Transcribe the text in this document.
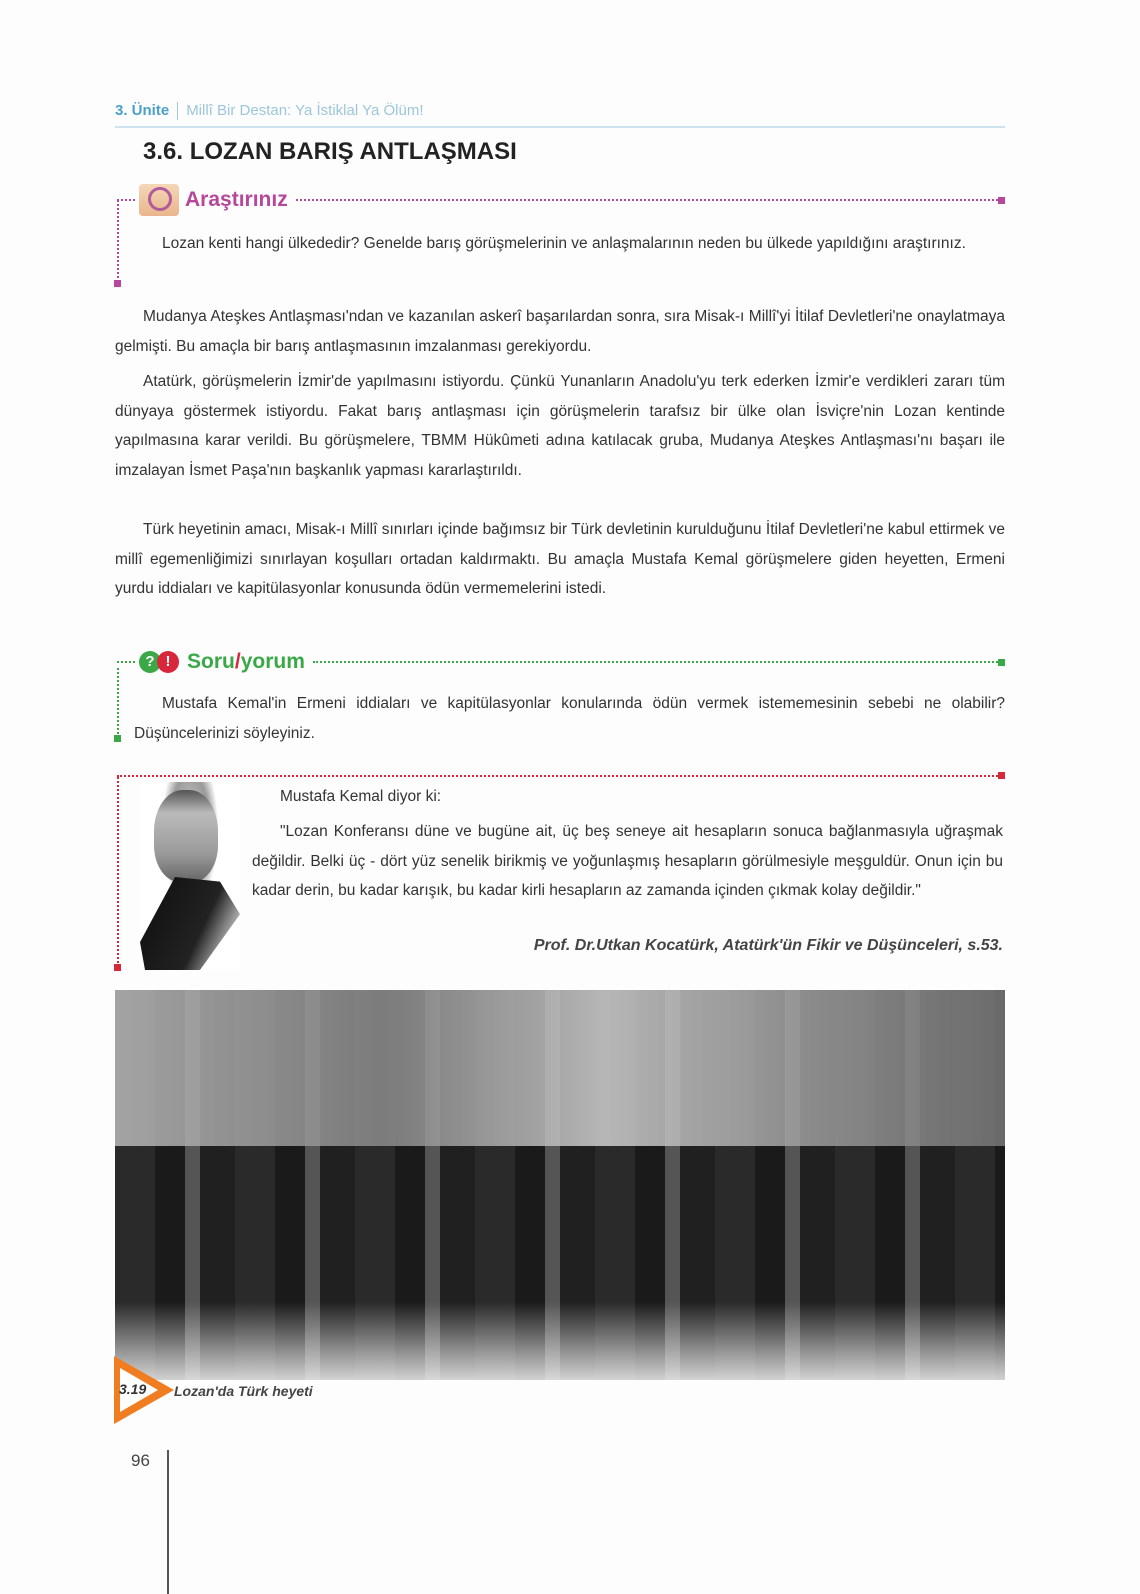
3. Ünite Millî Bir Destan: Ya İstiklal Ya Ölüm!
3.6. LOZAN BARIŞ ANTLAŞMASI
Araştırınız

Lozan kenti hangi ülkededir? Genelde barış görüşmelerinin ve anlaşmalarının neden bu ülkede yapıldığını araştırınız.

Mudanya Ateşkes Antlaşması'ndan ve kazanılan askerî başarılardan sonra, sıra Misak-ı Millî'yi İtilaf Devletleri'ne onaylatmaya gelmişti. Bu amaçla bir barış antlaşmasının imzalanması gerekiyordu.

Atatürk, görüşmelerin İzmir'de yapılmasını istiyordu. Çünkü Yunanların Anadolu'yu terk ederken İzmir'e verdikleri zararı tüm dünyaya göstermek istiyordu. Fakat barış antlaşması için görüşmelerin tarafsız bir ülke olan İsviçre'nin Lozan kentinde yapılmasına karar verildi. Bu görüşmelere, TBMM Hükûmeti adına katılacak gruba, Mudanya Ateşkes Antlaşması'nı başarı ile imzalayan İsmet Paşa'nın başkanlık yapması kararlaştırıldı.

Türk heyetinin amacı, Misak-ı Millî sınırları içinde bağımsız bir Türk devletinin kurulduğunu İtilaf Devletleri'ne kabul ettirmek ve millî egemenliğimizi sınırlayan koşulları ortadan kaldırmaktı. Bu amaçla Mustafa Kemal görüşmelere giden heyetten, Ermeni yurdu iddiaları ve kapitülasyonlar konusunda ödün vermemelerini istedi.

? ! Soru/yorum

Mustafa Kemal'in Ermeni iddiaları ve kapitülasyonlar konularında ödün vermek istememesinin sebebi ne olabilir? Düşüncelerinizi söyleyiniz.

Mustafa Kemal diyor ki:

"Lozan Konferansı düne ve bugüne ait, üç beş seneye ait hesapların sonuca bağlanmasıyla uğraşmak değildir. Belki üç - dört yüz senelik birikmiş ve yoğunlaşmış hesapların görülmesiyle meşguldür. Onun için bu kadar derin, bu kadar karışık, bu kadar kirli hesapların az zamanda içinden çıkmak kolay değildir."

Prof. Dr.Utkan Kocatürk, Atatürk'ün Fikir ve Düşünceleri, s.53.
3.19 Lozan'da Türk heyeti
96
